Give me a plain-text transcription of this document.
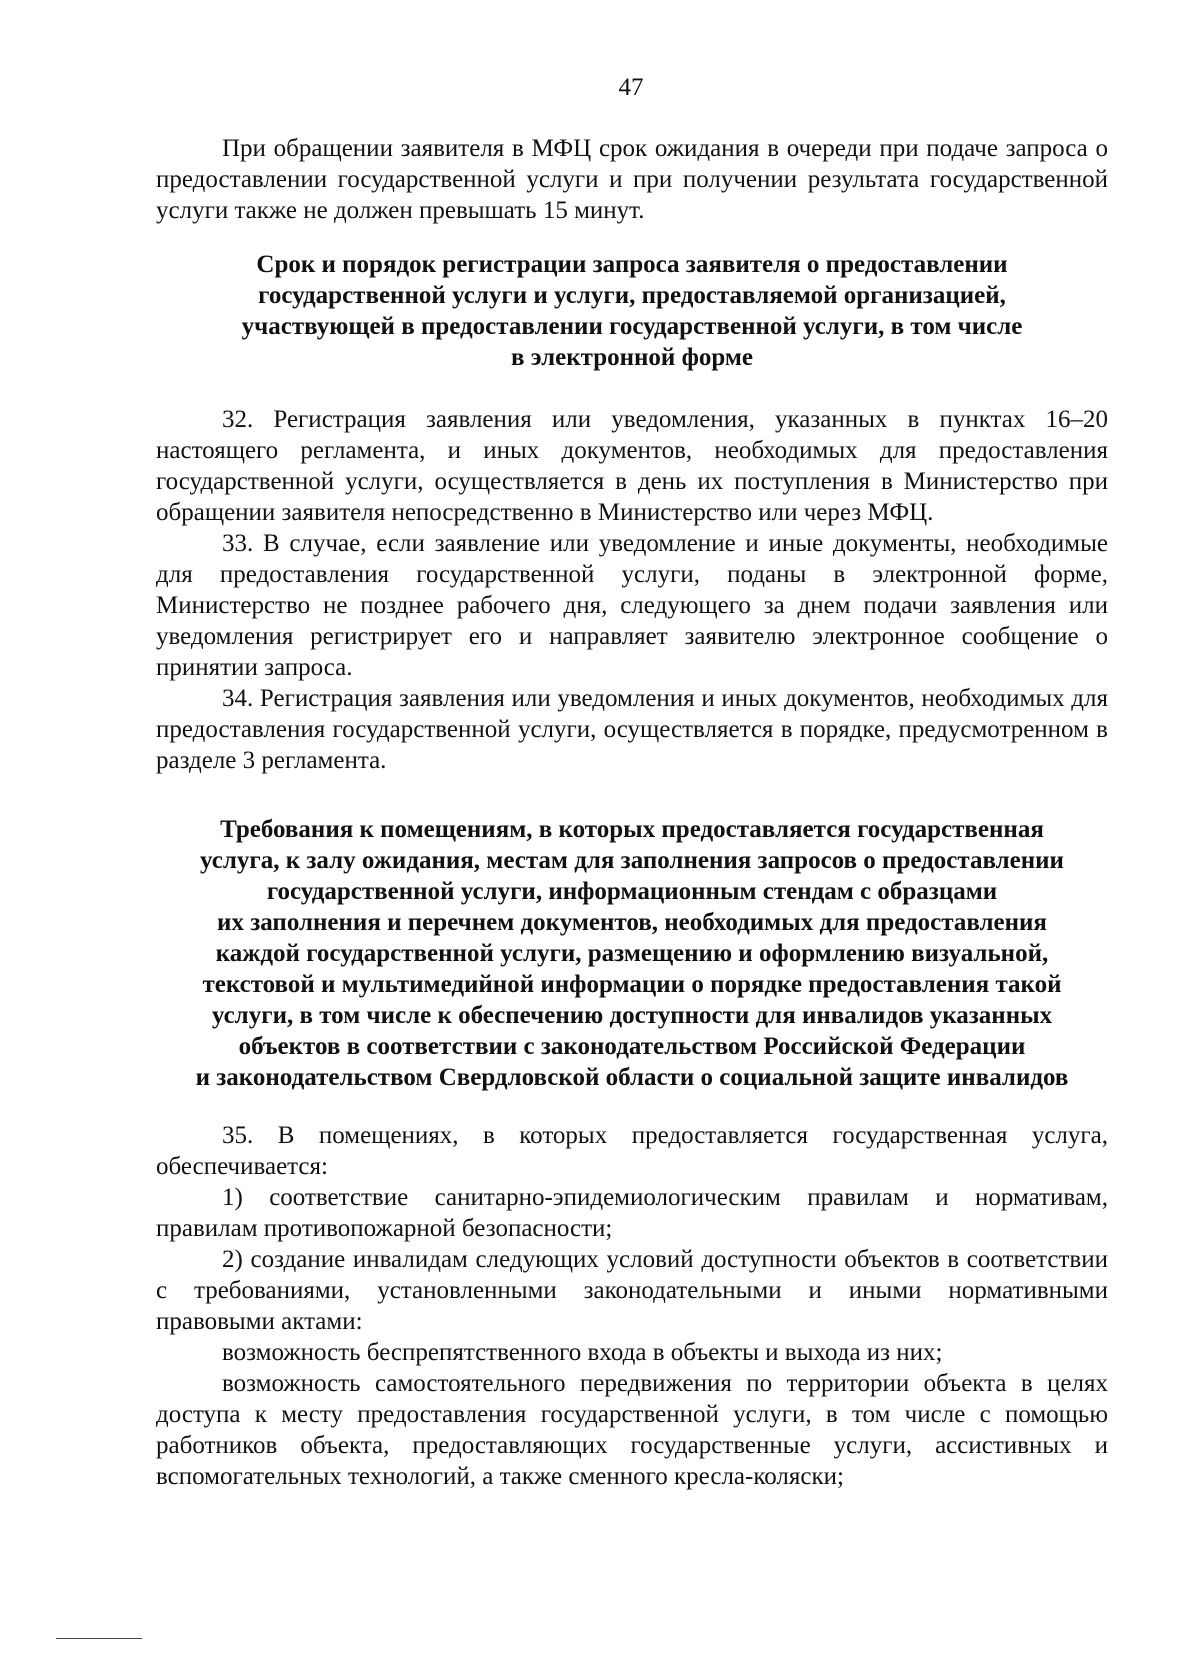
47

При обращении заявителя в МФЦ срок ожидания в очереди при подаче запроса о предоставлении государственной услуги и при получении результата государственной услуги также не должен превышать 15 минут.

Срок и порядок регистрации запроса заявителя о предоставлении
государственной услуги и услуги, предоставляемой организацией,
участвующей в предоставлении государственной услуги, в том числе
в электронной форме

32. Регистрация заявления или уведомления, указанных в пунктах 16–20 настоящего регламента, и иных документов, необходимых для предоставления государственной услуги, осуществляется в день их поступления в Министерство при обращении заявителя непосредственно в Министерство или через МФЦ.

33. В случае, если заявление или уведомление и иные документы, необходимые для предоставления государственной услуги, поданы в электронной форме, Министерство не позднее рабочего дня, следующего за днем подачи заявления или уведомления регистрирует его и направляет заявителю электронное сообщение о принятии запроса.

34. Регистрация заявления или уведомления и иных документов, необходимых для предоставления государственной услуги, осуществляется в порядке, предусмотренном в разделе 3 регламента.

Требования к помещениям, в которых предоставляется государственная
услуга, к залу ожидания, местам для заполнения запросов о предоставлении
государственной услуги, информационным стендам с образцами
их заполнения и перечнем документов, необходимых для предоставления
каждой государственной услуги, размещению и оформлению визуальной,
текстовой и мультимедийной информации о порядке предоставления такой
услуги, в том числе к обеспечению доступности для инвалидов указанных
объектов в соответствии с законодательством Российской Федерации
и законодательством Свердловской области о социальной защите инвалидов

35. В помещениях, в которых предоставляется государственная услуга, обеспечивается:

1) соответствие санитарно-эпидемиологическим правилам и нормативам, правилам противопожарной безопасности;

2) создание инвалидам следующих условий доступности объектов в соответствии с требованиями, установленными законодательными и иными нормативными правовыми актами:

возможность беспрепятственного входа в объекты и выхода из них;

возможность самостоятельного передвижения по территории объекта в целях доступа к месту предоставления государственной услуги, в том числе с помощью работников объекта, предоставляющих государственные услуги, ассистивных и вспомогательных технологий, а также сменного кресла-коляски;
